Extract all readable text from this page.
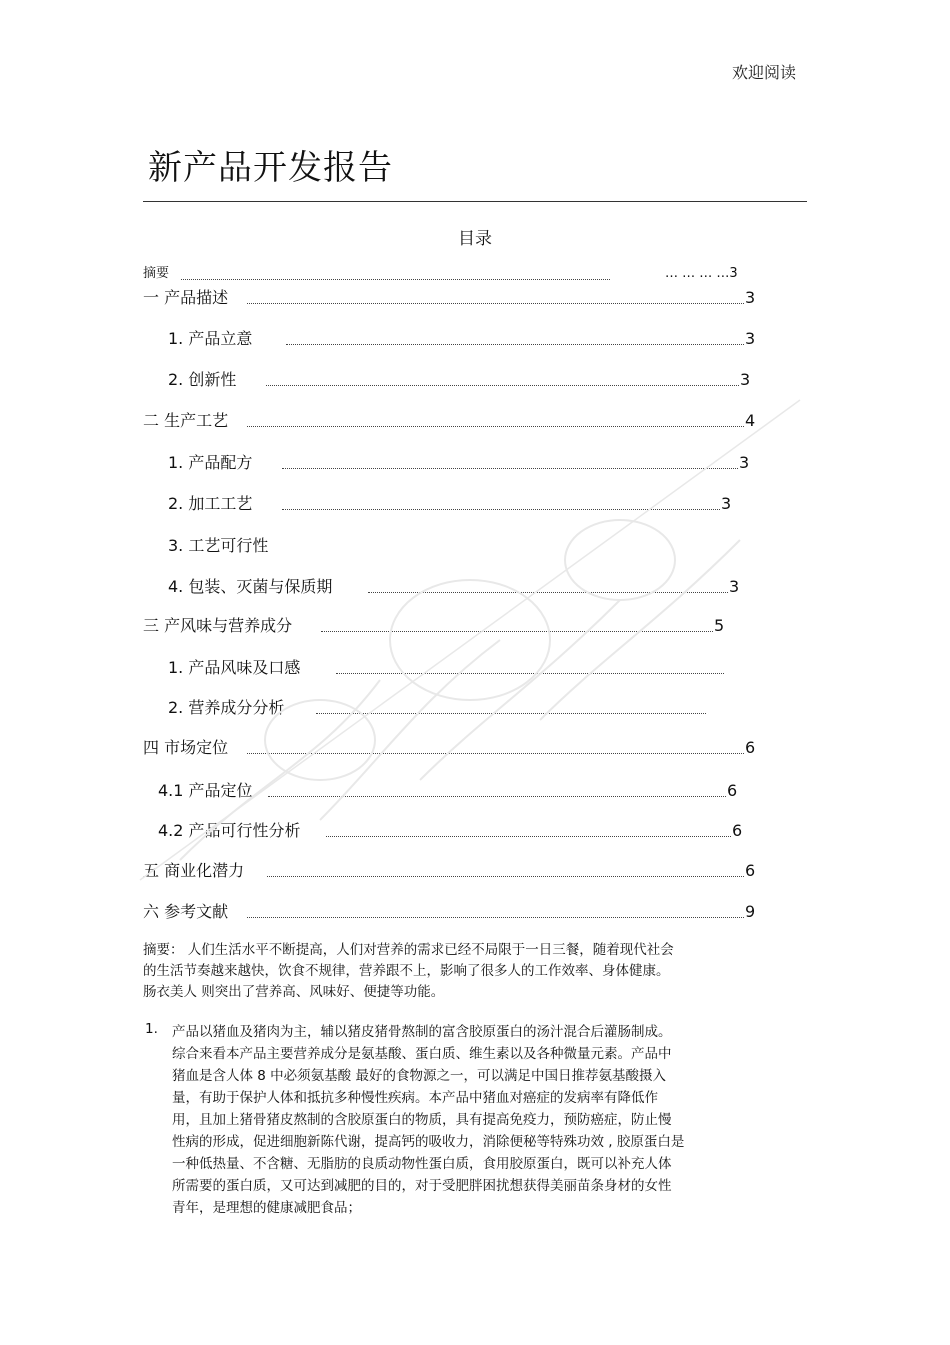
欢迎阅读
新产品开发报告
目录
摘要	… … … …3
一 产品描述	3
1. 产品立意	3
2. 创新性	3
二 生产工艺	4
1. 产品配方	3
2. 加工工艺	3
3. 工艺可行性
4. 包装、灭菌与保质期	3
三 产风味与营养成分	5
1. 产品风味及口感
2. 营养成分分析
四 市场定位	6
4.1 产品定位	6
4.2 产品可行性分析	6
五 商业化潜力	6
六 参考文献	9

摘要： 人们生活水平不断提高，人们对营养的需求已经不局限于一日三餐，随着现代社会

的生活节奏越来越快，饮食不规律，营养跟不上，影响了很多人的工作效率、身体健康。

肠衣美人 则突出了营养高、风味好、便捷等功能。

1. 产品以猪血及猪肉为主，辅以猪皮猪骨熬制的富含胶原蛋白的汤汁混合后灌肠制成。

综合来看本产品主要营养成分是氨基酸、蛋白质、维生素以及各种微量元素。产品中

猪血是含人体 8 中必须氨基酸 最好的食物源之一，可以满足中国日推荐氨基酸摄入

量，有助于保护人体和抵抗多种慢性疾病。本产品中猪血对癌症的发病率有降低作

用，且加上猪骨猪皮熬制的含胶原蛋白的物质，具有提高免疫力，预防癌症，防止慢

性病的形成，促进细胞新陈代谢，提高钙的吸收力，消除便秘等特殊功效 , 胶原蛋白是

一种低热量、不含糖、无脂肪的良质动物性蛋白质，食用胶原蛋白，既可以补充人体

所需要的蛋白质，又可达到减肥的目的，对于受肥胖困扰想获得美丽苗条身材的女性

青年，是理想的健康减肥食品；
